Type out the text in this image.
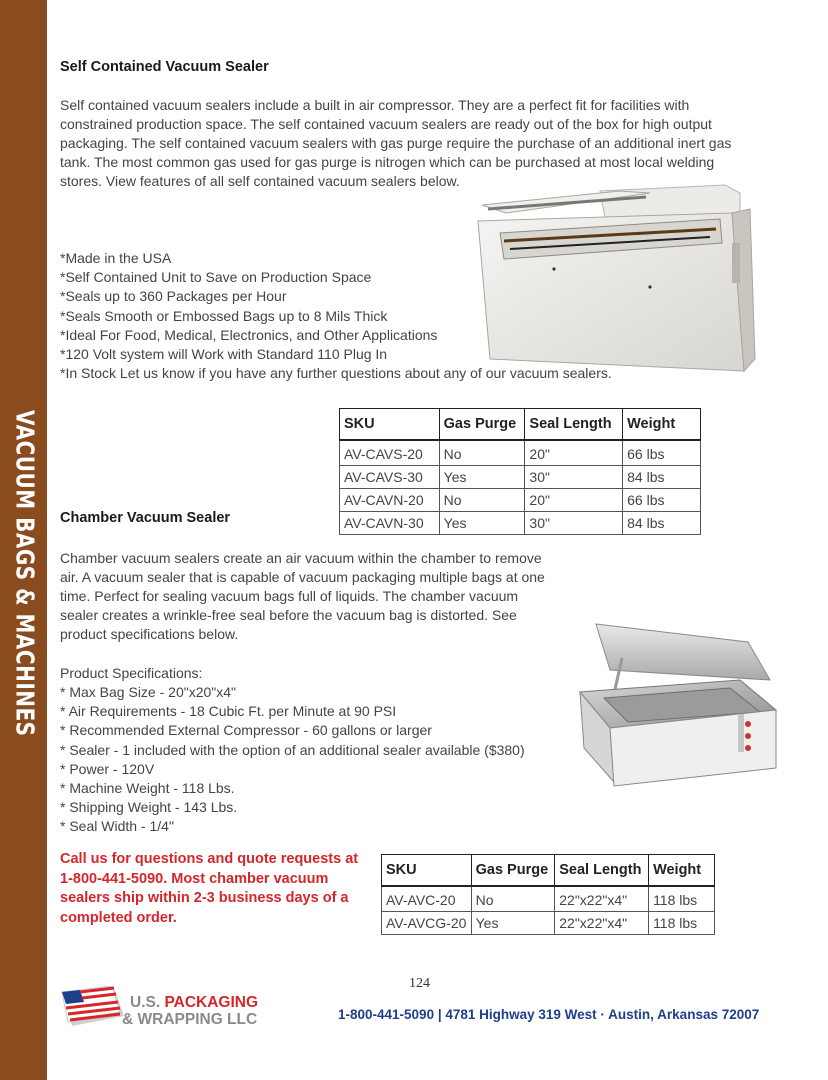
VACUUM BAGS & MACHINES
Self Contained Vacuum Sealer

Self contained vacuum sealers include a built in air compressor. They are a perfect fit for facilities with constrained production space. The self contained vacuum sealers are ready out of the box for high output packaging. The self contained vacuum sealers with gas purge require the purchase of an additional inert gas tank. The most common gas used for gas purge is nitrogen which can be purchased at most local welding stores. View features of all self contained vacuum sealers below.

*Made in the USA
*Self Contained Unit to Save on Production Space
*Seals up to 360 Packages per Hour
*Seals Smooth or Embossed Bags up to 8 Mils Thick
*Ideal For Food, Medical, Electronics, and Other Applications
*120 Volt system will Work with Standard 110 Plug In
*In Stock Let us know if you have any further questions about any of our vacuum sealers.
SKU	Gas Purge	Seal Length	Weight
AV-CAVS-20	No	20"	66 lbs
AV-CAVS-30	Yes	30"	84 lbs
AV-CAVN-20	No	20"	66 lbs
AV-CAVN-30	Yes	30"	84 lbs
Chamber Vacuum Sealer

Chamber vacuum sealers create an air vacuum within the chamber to remove air. A vacuum sealer that is capable of vacuum packaging multiple bags at one time. Perfect for sealing vacuum bags full of liquids. The chamber vacuum sealer creates a wrinkle-free seal before the vacuum bag is distorted. See product specifications below.

Product Specifications:

* Max Bag Size - 20"x20"x4"
* Air Requirements - 18 Cubic Ft. per Minute at 90 PSI
* Recommended External Compressor - 60 gallons or larger
* Sealer - 1 included with the option of an additional sealer available ($380)
* Power - 120V
* Machine Weight - 118 Lbs.
* Shipping Weight - 143 Lbs.
* Seal Width - 1/4"

Call us for questions and quote requests at 1-800-441-5090. Most chamber vacuum sealers ship within 2-3 business days of a completed order.

SKU	Gas Purge	Seal Length	Weight
AV-AVC-20	No	22"x22"x4"	118 lbs
AV-AVCG-20	Yes	22"x22"x4"	118 lbs
124
U.S. PACKAGING
& WRAPPING LLC	1-800-441-5090 | 4781 Highway 319 West · Austin, Arkansas 72007
